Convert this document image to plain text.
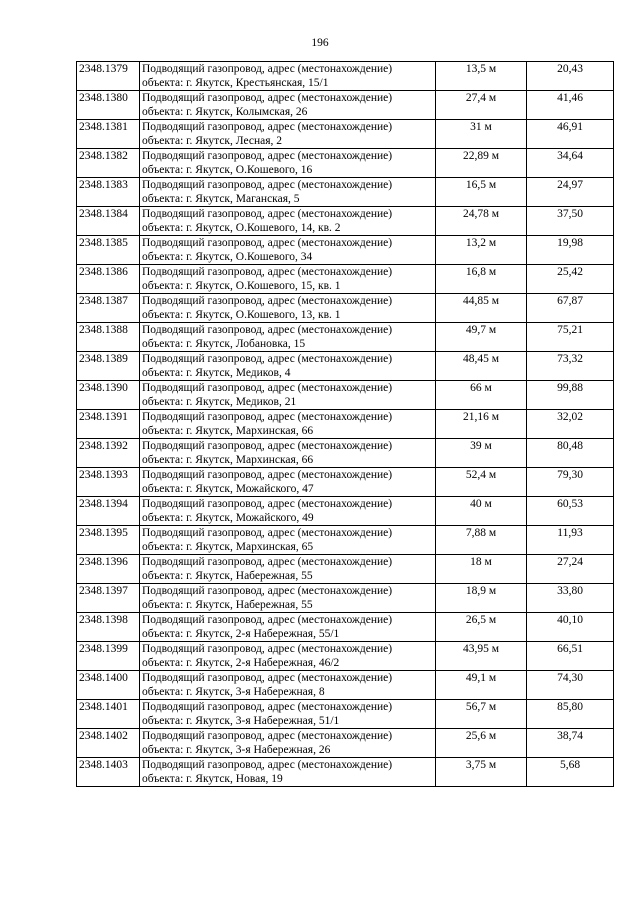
196
2348.1379	Подводящий газопровод, адрес (местонахождение)
объекта: г. Якутск, Крестьянская, 15/1	13,5 м	20,43
2348.1380	Подводящий газопровод, адрес (местонахождение)
объекта: г. Якутск, Колымская, 26	27,4 м	41,46
2348.1381	Подводящий газопровод, адрес (местонахождение)
объекта: г. Якутск, Лесная, 2	31 м	46,91
2348.1382	Подводящий газопровод, адрес (местонахождение)
объекта: г. Якутск, О.Кошевого, 16	22,89 м	34,64
2348.1383	Подводящий газопровод, адрес (местонахождение)
объекта: г. Якутск, Маганская, 5	16,5 м	24,97
2348.1384	Подводящий газопровод, адрес (местонахождение)
объекта: г. Якутск, О.Кошевого, 14, кв. 2	24,78 м	37,50
2348.1385	Подводящий газопровод, адрес (местонахождение)
объекта: г. Якутск, О.Кошевого, 34	13,2 м	19,98
2348.1386	Подводящий газопровод, адрес (местонахождение)
объекта: г. Якутск, О.Кошевого, 15, кв. 1	16,8 м	25,42
2348.1387	Подводящий газопровод, адрес (местонахождение)
объекта: г. Якутск, О.Кошевого, 13, кв. 1	44,85 м	67,87
2348.1388	Подводящий газопровод, адрес (местонахождение)
объекта: г. Якутск, Лобановка, 15	49,7 м	75,21
2348.1389	Подводящий газопровод, адрес (местонахождение)
объекта: г. Якутск, Медиков, 4	48,45 м	73,32
2348.1390	Подводящий газопровод, адрес (местонахождение)
объекта: г. Якутск, Медиков, 21	66 м	99,88
2348.1391	Подводящий газопровод, адрес (местонахождение)
объекта: г. Якутск, Мархинская, 66	21,16 м	32,02
2348.1392	Подводящий газопровод, адрес (местонахождение)
объекта: г. Якутск, Мархинская, 66	39 м	80,48
2348.1393	Подводящий газопровод, адрес (местонахождение)
объекта: г. Якутск, Можайского, 47	52,4 м	79,30
2348.1394	Подводящий газопровод, адрес (местонахождение)
объекта: г. Якутск, Можайского, 49	40 м	60,53
2348.1395	Подводящий газопровод, адрес (местонахождение)
объекта: г. Якутск, Мархинская, 65	7,88 м	11,93
2348.1396	Подводящий газопровод, адрес (местонахождение)
объекта: г. Якутск, Набережная, 55	18 м	27,24
2348.1397	Подводящий газопровод, адрес (местонахождение)
объекта: г. Якутск, Набережная, 55	18,9 м	33,80
2348.1398	Подводящий газопровод, адрес (местонахождение)
объекта: г. Якутск, 2-я Набережная, 55/1	26,5 м	40,10
2348.1399	Подводящий газопровод, адрес (местонахождение)
объекта: г. Якутск, 2-я Набережная, 46/2	43,95 м	66,51
2348.1400	Подводящий газопровод, адрес (местонахождение)
объекта: г. Якутск, 3-я Набережная, 8	49,1 м	74,30
2348.1401	Подводящий газопровод, адрес (местонахождение)
объекта: г. Якутск, 3-я Набережная, 51/1	56,7 м	85,80
2348.1402	Подводящий газопровод, адрес (местонахождение)
объекта: г. Якутск, 3-я Набережная, 26	25,6 м	38,74
2348.1403	Подводящий газопровод, адрес (местонахождение)
объекта: г. Якутск, Новая, 19	3,75 м	5,68
